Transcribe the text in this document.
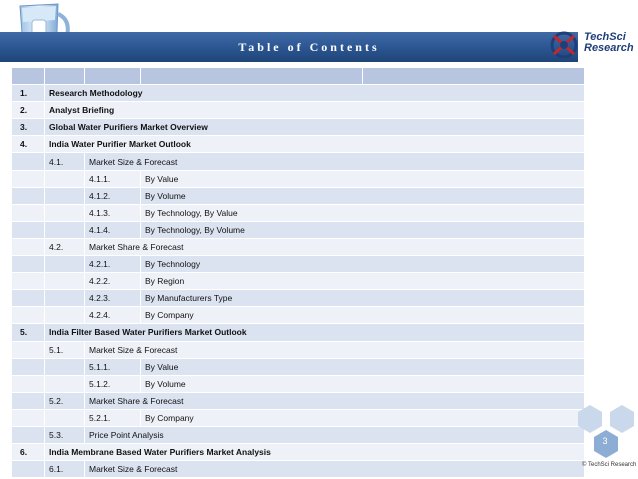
Table of Contents
TechSci
Research

1.	Research Methodology			
2.	Analyst Briefing			
3.	Global Water Purifiers Market Overview			
4.	India Water Purifier Market Outlook			
	4.1.	Market Size & Forecast		
		4.1.1.	By Value	
		4.1.2.	By Volume	
		4.1.3.	By Technology, By Value	
		4.1.4.	By Technology, By Volume	
	4.2.	Market Share & Forecast		
		4.2.1.	By Technology	
		4.2.2.	By Region	
		4.2.3.	By Manufacturers Type	
		4.2.4.	By Company	
5.	India Filter Based Water Purifiers Market Outlook			
	5.1.	Market Size & Forecast		
		5.1.1.	By Value	
		5.1.2.	By Volume	
	5.2.	Market Share & Forecast		
		5.2.1.	By Company	
	5.3.	Price Point Analysis		
6.	India Membrane Based Water Purifiers Market Analysis			
	6.1.	Market Size & Forecast		
3
© TechSci Research
